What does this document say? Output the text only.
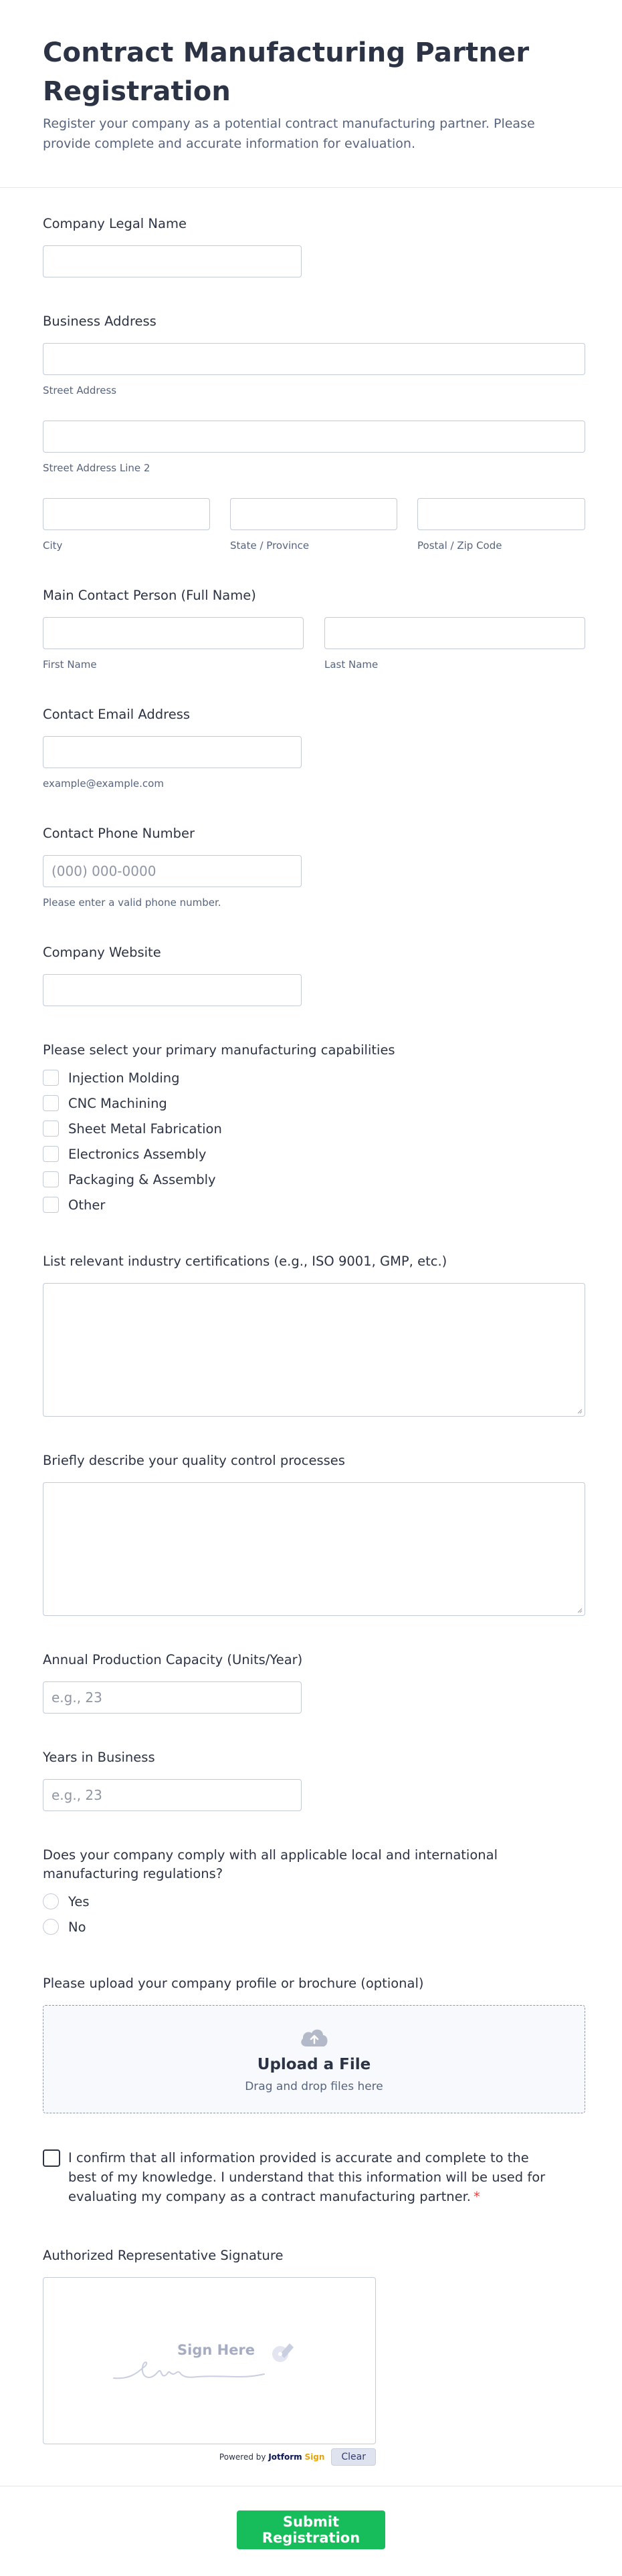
Contract Manufacturing Partner Registration

Register your company as a potential contract manufacturing partner. Please provide complete and accurate information for evaluation.

Company Legal Name
Business Address
Street Address
Street Address Line 2
City	State / Province	Postal / Zip Code
Main Contact Person (Full Name)
First Name	Last Name
Contact Email Address
example@example.com
Contact Phone Number
(000) 000-0000
Please enter a valid phone number.
Company Website
Please select your primary manufacturing capabilities
Injection Molding
CNC Machining
Sheet Metal Fabrication
Electronics Assembly
Packaging & Assembly
Other
List relevant industry certifications (e.g., ISO 9001, GMP, etc.)
Briefly describe your quality control processes
Annual Production Capacity (Units/Year)
e.g., 23
Years in Business
e.g., 23
Does your company comply with all applicable local and international manufacturing regulations?
Yes
No
Please upload your company profile or brochure (optional)
Upload a File
Drag and drop files here
I confirm that all information provided is accurate and complete to the best of my knowledge. I understand that this information will be used for evaluating my company as a contract manufacturing partner. *
Authorized Representative Signature
Sign Here
Powered by Jotform Sign	Clear
Submit Registration
